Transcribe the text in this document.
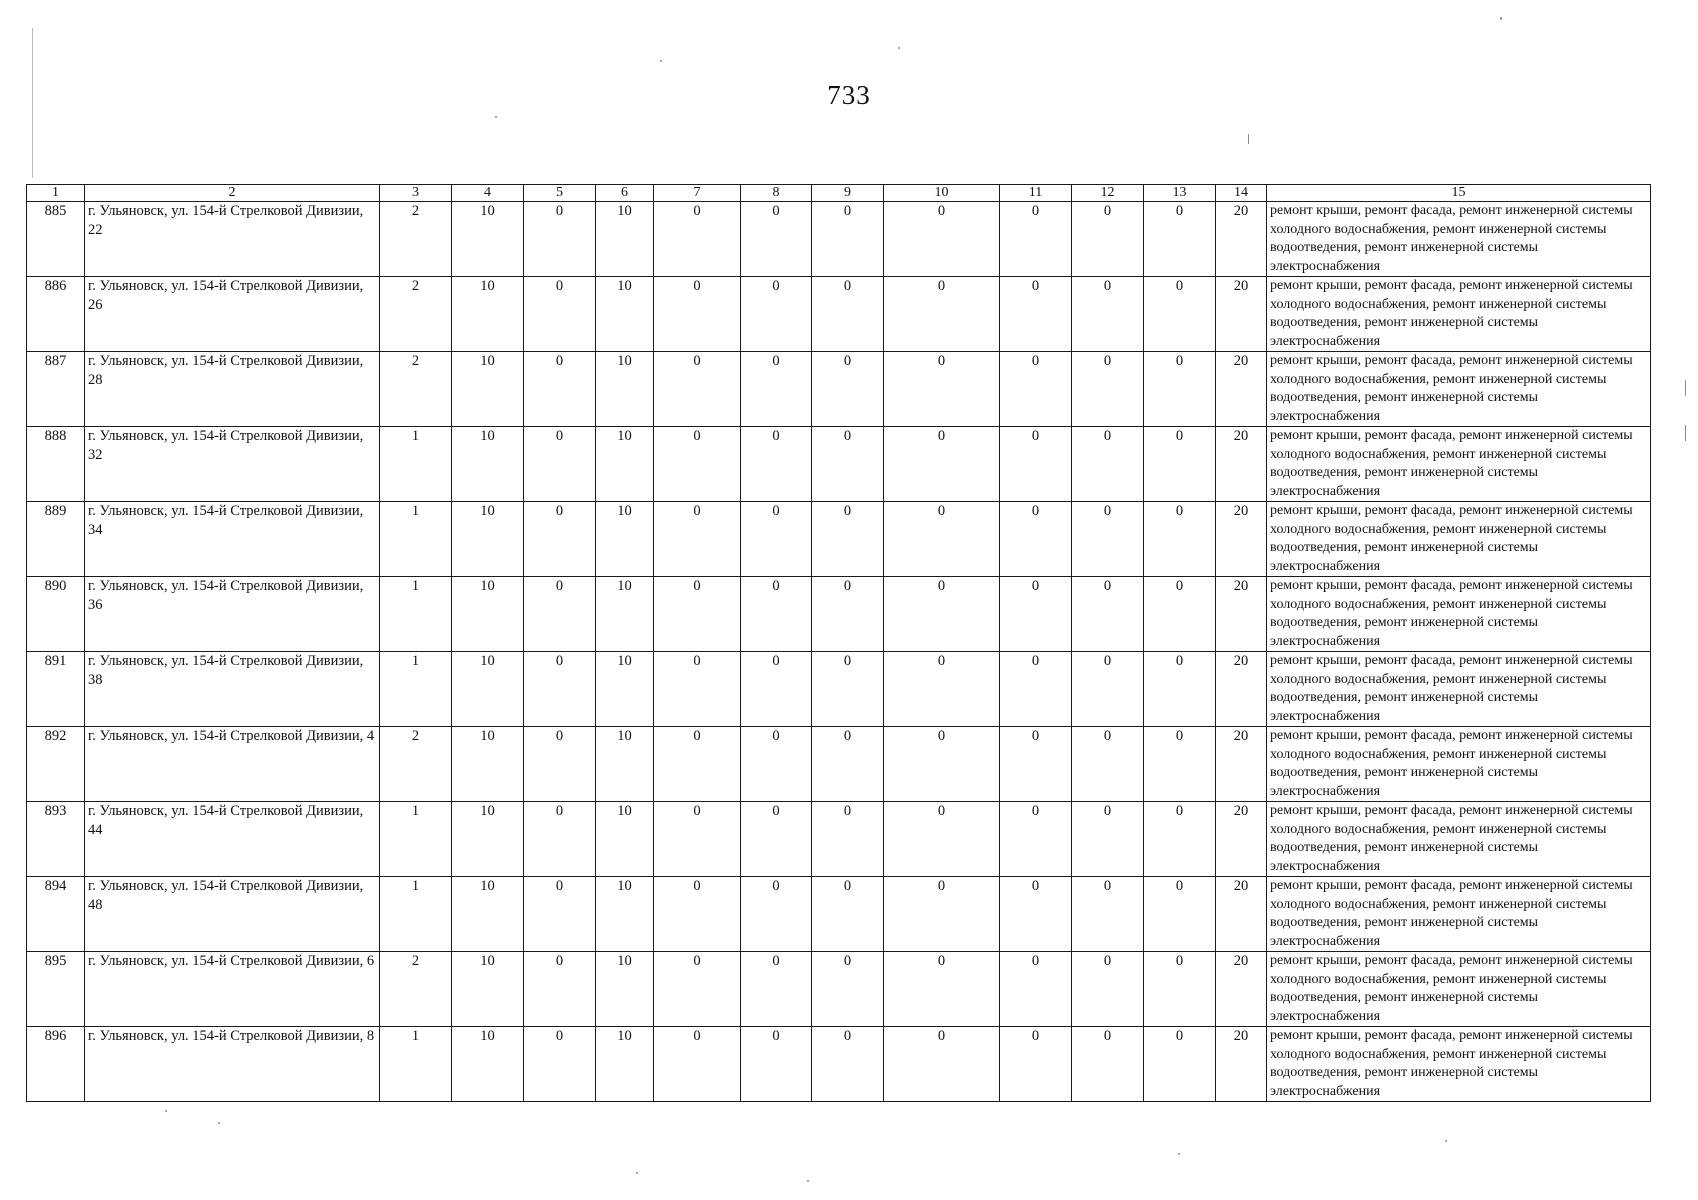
733
1	2	3	4	5	6	7	8	9	10	11	12	13	14	15
885	г. Ульяновск, ул. 154-й Стрелковой Дивизии, 22	2	10	0	10	0	0	0	0	0	0	0	20	ремонт крыши, ремонт фасада, ремонт инженерной системы холодного водоснабжения, ремонт инженерной системы водоотведения, ремонт инженерной системы электроснабжения
886	г. Ульяновск, ул. 154-й Стрелковой Дивизии, 26	2	10	0	10	0	0	0	0	0	0	0	20	ремонт крыши, ремонт фасада, ремонт инженерной системы холодного водоснабжения, ремонт инженерной системы водоотведения, ремонт инженерной системы электроснабжения
887	г. Ульяновск, ул. 154-й Стрелковой Дивизии, 28	2	10	0	10	0	0	0	0	0	0	0	20	ремонт крыши, ремонт фасада, ремонт инженерной системы холодного водоснабжения, ремонт инженерной системы водоотведения, ремонт инженерной системы электроснабжения
888	г. Ульяновск, ул. 154-й Стрелковой Дивизии, 32	1	10	0	10	0	0	0	0	0	0	0	20	ремонт крыши, ремонт фасада, ремонт инженерной системы холодного водоснабжения, ремонт инженерной системы водоотведения, ремонт инженерной системы электроснабжения
889	г. Ульяновск, ул. 154-й Стрелковой Дивизии, 34	1	10	0	10	0	0	0	0	0	0	0	20	ремонт крыши, ремонт фасада, ремонт инженерной системы холодного водоснабжения, ремонт инженерной системы водоотведения, ремонт инженерной системы электроснабжения
890	г. Ульяновск, ул. 154-й Стрелковой Дивизии, 36	1	10	0	10	0	0	0	0	0	0	0	20	ремонт крыши, ремонт фасада, ремонт инженерной системы холодного водоснабжения, ремонт инженерной системы водоотведения, ремонт инженерной системы электроснабжения
891	г. Ульяновск, ул. 154-й Стрелковой Дивизии, 38	1	10	0	10	0	0	0	0	0	0	0	20	ремонт крыши, ремонт фасада, ремонт инженерной системы холодного водоснабжения, ремонт инженерной системы водоотведения, ремонт инженерной системы электроснабжения
892	г. Ульяновск, ул. 154-й Стрелковой Дивизии, 4	2	10	0	10	0	0	0	0	0	0	0	20	ремонт крыши, ремонт фасада, ремонт инженерной системы холодного водоснабжения, ремонт инженерной системы водоотведения, ремонт инженерной системы электроснабжения
893	г. Ульяновск, ул. 154-й Стрелковой Дивизии, 44	1	10	0	10	0	0	0	0	0	0	0	20	ремонт крыши, ремонт фасада, ремонт инженерной системы холодного водоснабжения, ремонт инженерной системы водоотведения, ремонт инженерной системы электроснабжения
894	г. Ульяновск, ул. 154-й Стрелковой Дивизии, 48	1	10	0	10	0	0	0	0	0	0	0	20	ремонт крыши, ремонт фасада, ремонт инженерной системы холодного водоснабжения, ремонт инженерной системы водоотведения, ремонт инженерной системы электроснабжения
895	г. Ульяновск, ул. 154-й Стрелковой Дивизии, 6	2	10	0	10	0	0	0	0	0	0	0	20	ремонт крыши, ремонт фасада, ремонт инженерной системы холодного водоснабжения, ремонт инженерной системы водоотведения, ремонт инженерной системы электроснабжения
896	г. Ульяновск, ул. 154-й Стрелковой Дивизии, 8	1	10	0	10	0	0	0	0	0	0	0	20	ремонт крыши, ремонт фасада, ремонт инженерной системы холодного водоснабжения, ремонт инженерной системы водоотведения, ремонт инженерной системы электроснабжения
